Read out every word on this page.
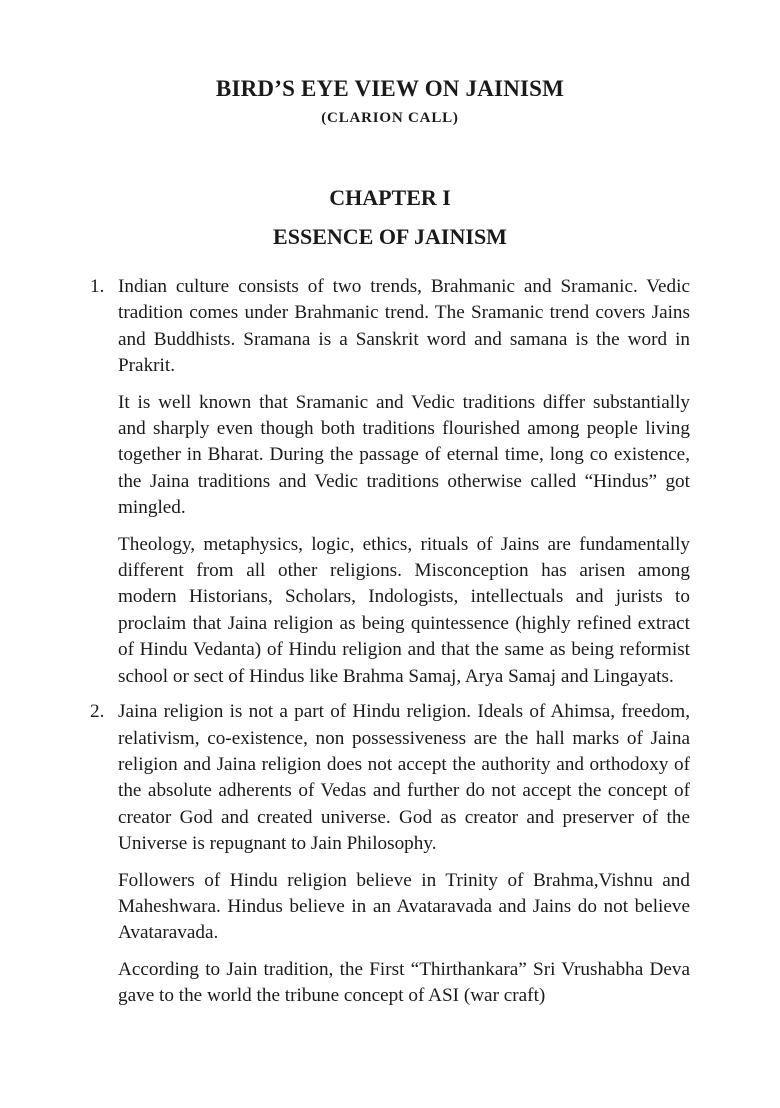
BIRD’S EYE VIEW ON JAINISM
(CLARION CALL)
CHAPTER I
ESSENCE OF JAINISM
1. Indian culture consists of two trends, Brahmanic and Sramanic. Vedic tradition comes under Brahmanic trend. The Sramanic trend covers Jains and Buddhists. Sramana is a Sanskrit word and samana is the word in Prakrit.

It is well known that Sramanic and Vedic traditions differ substantially and sharply even though both traditions flourished among people living together in Bharat. During the passage of eternal time, long co existence, the Jaina traditions and Vedic traditions otherwise called “Hindus” got mingled.

Theology, metaphysics, logic, ethics, rituals of Jains are fundamentally different from all other religions. Misconception has arisen among modern Historians, Scholars, Indologists, intellectuals and jurists to proclaim that Jaina religion as being quintessence (highly refined extract of Hindu Vedanta) of Hindu religion and that the same as being reformist school or sect of Hindus like Brahma Samaj, Arya Samaj and Lingayats.

2. Jaina religion is not a part of Hindu religion. Ideals of Ahimsa, freedom, relativism, co-existence, non possessiveness are the hall marks of Jaina religion and Jaina religion does not accept the authority and orthodoxy of the absolute adherents of Vedas and further do not accept the concept of creator God and created universe. God as creator and preserver of the Universe is repugnant to Jain Philosophy.

Followers of Hindu religion believe in Trinity of Brahma,Vishnu and Maheshwara. Hindus believe in an Avataravada and Jains do not believe Avataravada.

According to Jain tradition, the First “Thirthankara” Sri Vrushabha Deva gave to the world the tribune concept of ASI (war craft)
